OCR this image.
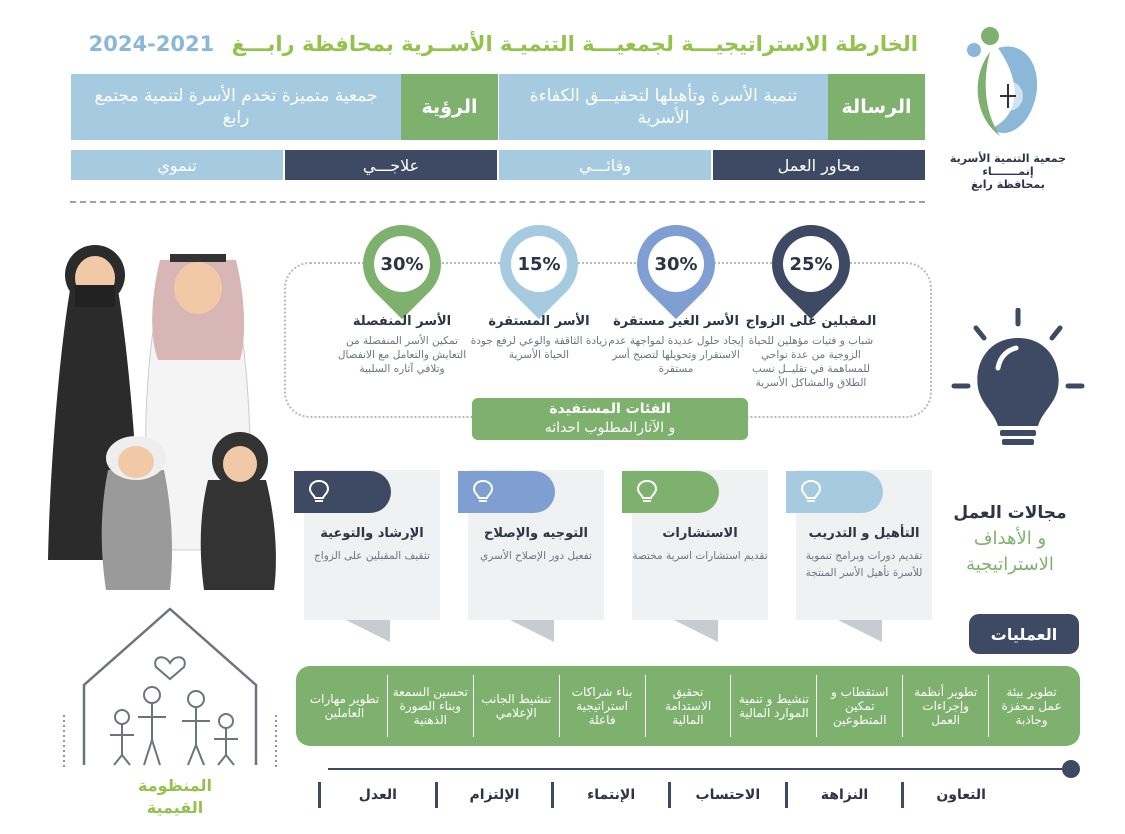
جمعية التنمية الأسرية
إنمـــــــاء
بمحافظة رابغ
الخارطة الاستراتيجيـــة لجمعيـــة التنميـة الأســرية بمحافظة رابـــغ 2021-2024
الرسالة
تنمية الأسرة وتأهيلها لتحقيـــق الكفاءة الأسرية
الرؤية
جمعية متميزة تخدم الأسرة لتنمية مجتمع رابغ
محاور العمل
وقائـــي
علاجـــي
تنموي
25%
30%
15%
30%
المقبلين على الزواج
الأسر الغير مستقرة
الأسر المستقرة
الأسر المنفصلة
شباب و فتيات مؤهلين للحياة الزوجية من عدة نواحي للمساهمة في تقليــل نسب الطلاق والمشاكل الأسرية
إيجاد حلول عديدة لمواجهة عدم الاستقرار وتحويلها لتصبح أسر مستقرة
زيادة الثاقفة والوعي لرفع جودة الحياة الأسرية
تمكين الأسر المنفصلة من التعايش والتعامل مع الانفصال وتلافي آثاره السلبية
الفئات المستفيدة
و الآثارالمطلوب احداثه
التأهيل و التدريب
تقديم دورات وبرامج تنموية للأسرة تأهيل الأسر المنتجة
الاستشارات
تقديم استشارات اسرية مختصة
التوجيه والإصلاح
تفعيل دور الإصلاح الأسري
الإرشاد والتوعية
تثقيف المقبلين على الزواج
مجالات العمل
و الأهداف
الاستراتيجية
العمليات
تطوير بيئة عمل محفزة وجاذبة
تطوير أنظمة وإجراءات العمل
استقطاب و تمكين المتطوعين
تنشيط و تنمية الموارد المالية
تحقيق الاستدامة المالية
بناء شراكات استراتيجية فاعلة
تنشيط الجانب الإعلامي
تحسين السمعة وبناء الصورة الذهنية
تطوير مهارات العاملين
التعاون
النزاهة
الاحتساب
الإنتماء
الإلتزام
العدل
المنظومة
القيمية
